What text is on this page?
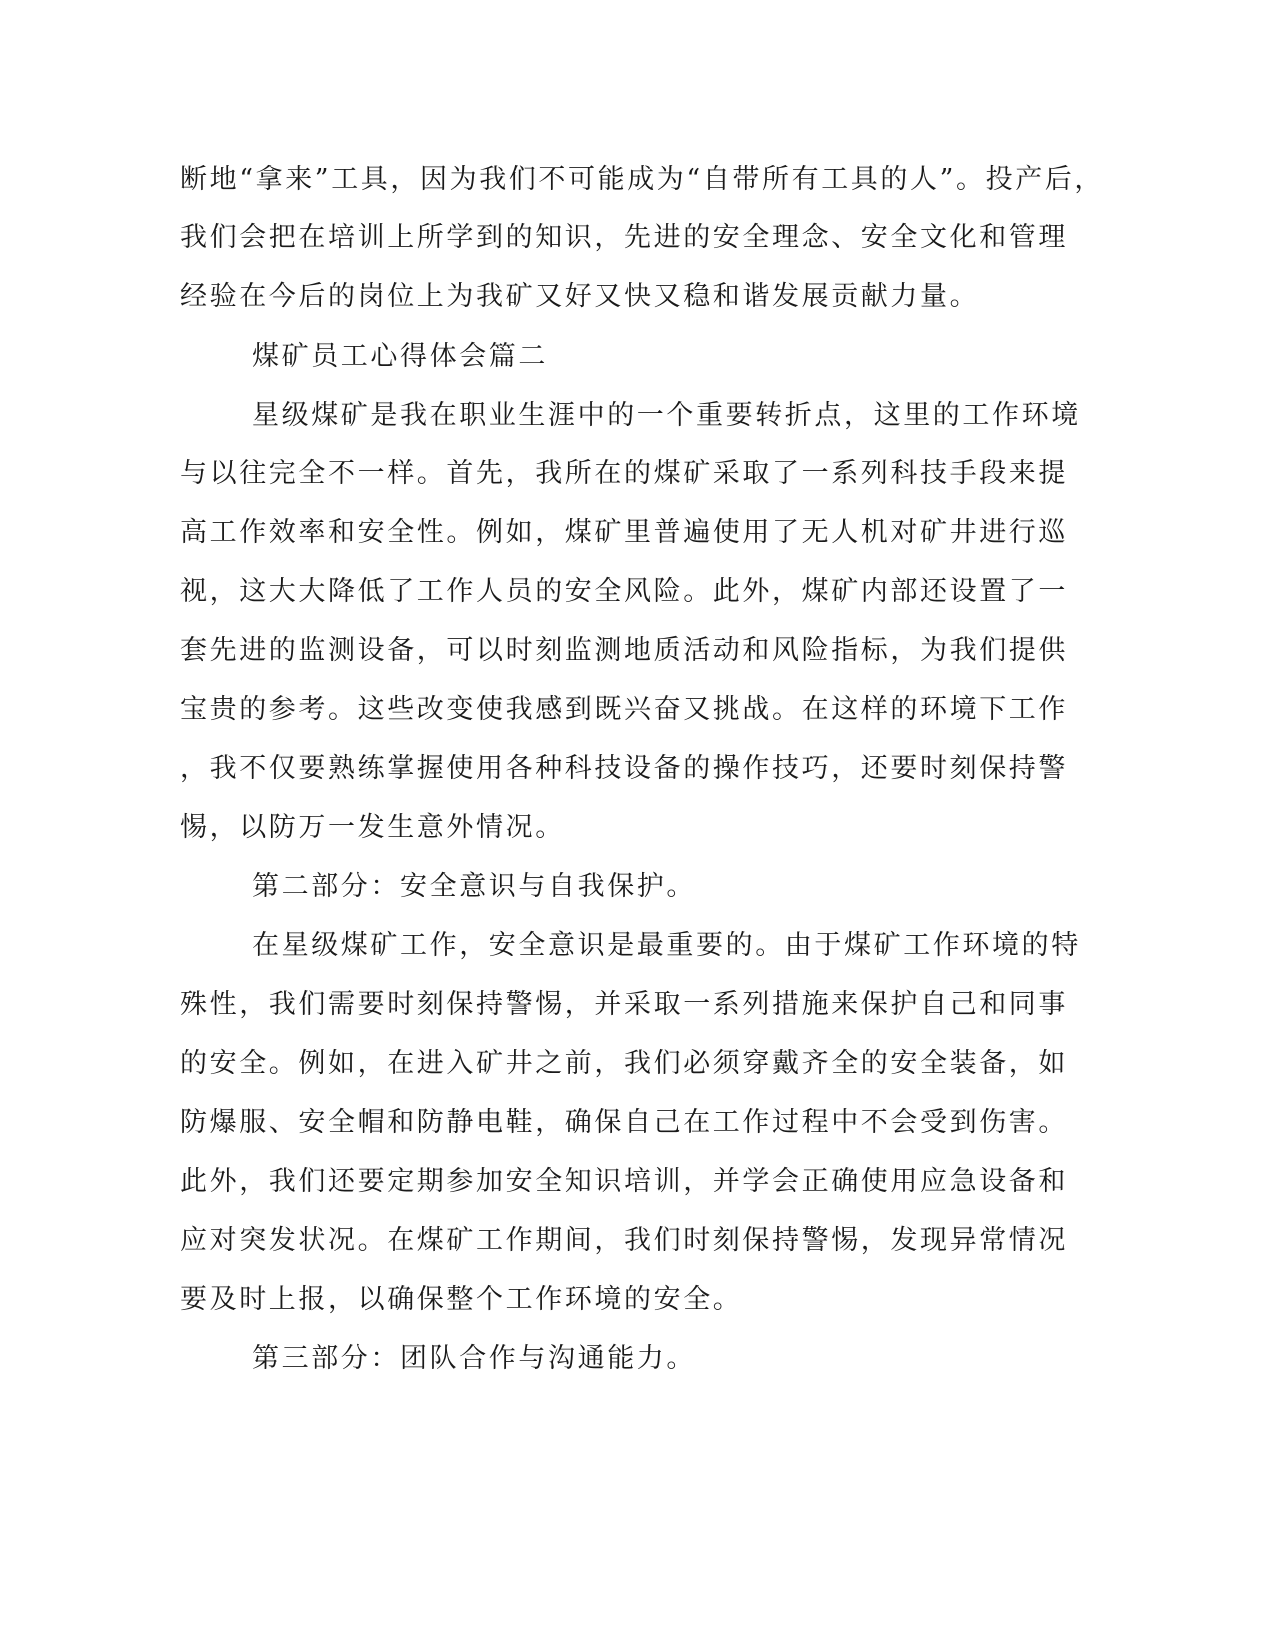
断地“拿来”工具，因为我们不可能成为“自带所有工具的人”。投产后，
我们会把在培训上所学到的知识，先进的安全理念、安全文化和管理
经验在今后的岗位上为我矿又好又快又稳和谐发展贡献力量。
煤矿员工心得体会篇二
星级煤矿是我在职业生涯中的一个重要转折点，这里的工作环境
与以往完全不一样。首先，我所在的煤矿采取了一系列科技手段来提
高工作效率和安全性。例如，煤矿里普遍使用了无人机对矿井进行巡
视，这大大降低了工作人员的安全风险。此外，煤矿内部还设置了一
套先进的监测设备，可以时刻监测地质活动和风险指标，为我们提供
宝贵的参考。这些改变使我感到既兴奋又挑战。在这样的环境下工作
，我不仅要熟练掌握使用各种科技设备的操作技巧，还要时刻保持警
惕，以防万一发生意外情况。
第二部分：安全意识与自我保护。
在星级煤矿工作，安全意识是最重要的。由于煤矿工作环境的特
殊性，我们需要时刻保持警惕，并采取一系列措施来保护自己和同事
的安全。例如，在进入矿井之前，我们必须穿戴齐全的安全装备，如
防爆服、安全帽和防静电鞋，确保自己在工作过程中不会受到伤害。
此外，我们还要定期参加安全知识培训，并学会正确使用应急设备和
应对突发状况。在煤矿工作期间，我们时刻保持警惕，发现异常情况
要及时上报，以确保整个工作环境的安全。
第三部分：团队合作与沟通能力。
